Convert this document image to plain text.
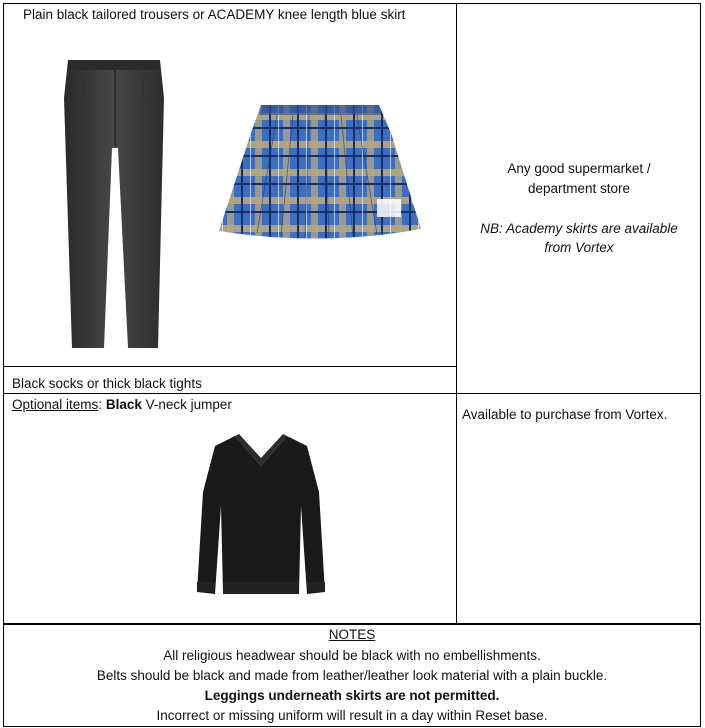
Plain black tailored trousers or ACADEMY knee length blue skirt
Black socks or thick black tights
Any good supermarket /
department store
NB: Academy skirts are available
from Vortex
Optional items: Black V-neck jumper
Available to purchase from Vortex.
NOTES
All religious headwear should be black with no embellishments.
Belts should be black and made from leather/leather look material with a plain buckle.
Leggings underneath skirts are not permitted.
Incorrect or missing uniform will result in a day within Reset base.
